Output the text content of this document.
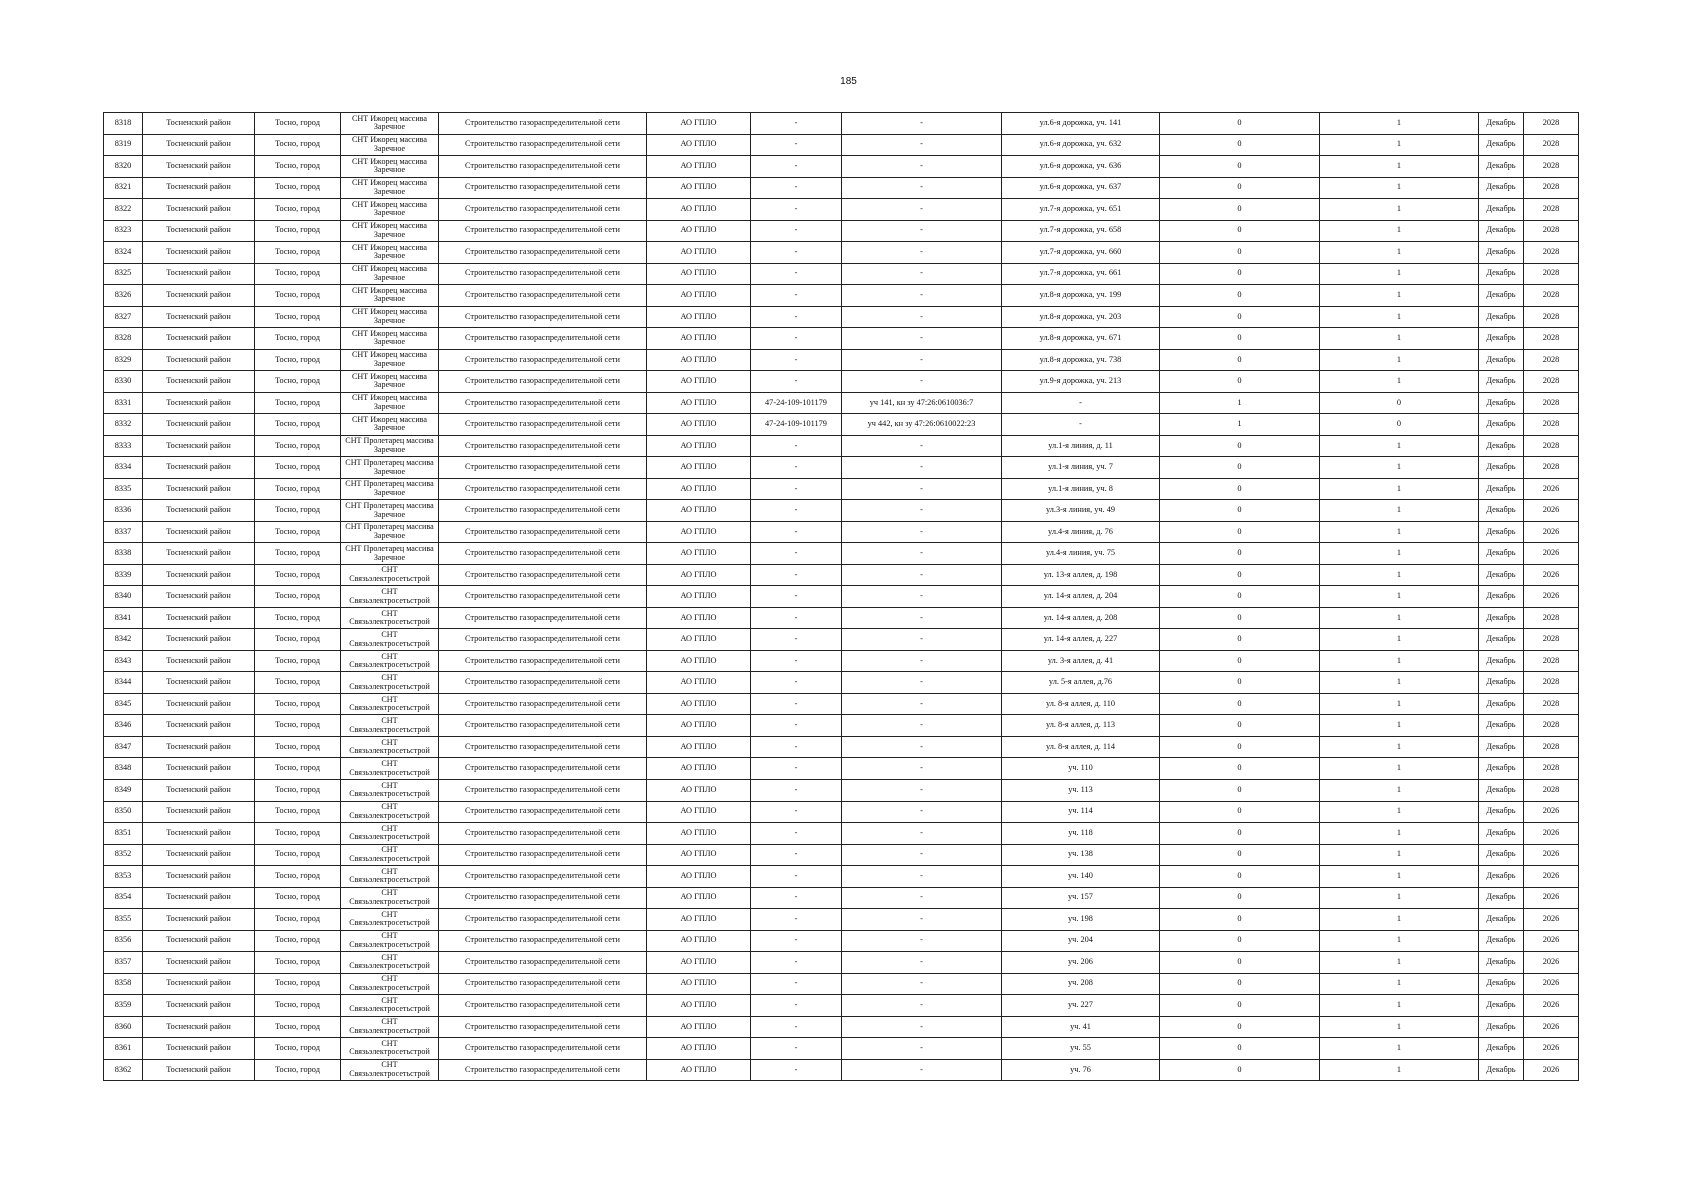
185
8318	Тосненский район	Тосно, город	СНТ Ижорец массива Заречное	Строительство газораспределительной сети	АО ГПЛО	-	-	ул.6-я дорожка, уч. 141	0	1	Декабрь	2028
8319	Тосненский район	Тосно, город	СНТ Ижорец массива Заречное	Строительство газораспределительной сети	АО ГПЛО	-	-	ул.6-я дорожка, уч. 632	0	1	Декабрь	2028
8320	Тосненский район	Тосно, город	СНТ Ижорец массива Заречное	Строительство газораспределительной сети	АО ГПЛО	-	-	ул.6-я дорожка, уч. 636	0	1	Декабрь	2028
8321	Тосненский район	Тосно, город	СНТ Ижорец массива Заречное	Строительство газораспределительной сети	АО ГПЛО	-	-	ул.6-я дорожка, уч. 637	0	1	Декабрь	2028
8322	Тосненский район	Тосно, город	СНТ Ижорец массива Заречное	Строительство газораспределительной сети	АО ГПЛО	-	-	ул.7-я дорожка, уч. 651	0	1	Декабрь	2028
8323	Тосненский район	Тосно, город	СНТ Ижорец массива Заречное	Строительство газораспределительной сети	АО ГПЛО	-	-	ул.7-я дорожка, уч. 658	0	1	Декабрь	2028
8324	Тосненский район	Тосно, город	СНТ Ижорец массива Заречное	Строительство газораспределительной сети	АО ГПЛО	-	-	ул.7-я дорожка, уч. 660	0	1	Декабрь	2028
8325	Тосненский район	Тосно, город	СНТ Ижорец массива Заречное	Строительство газораспределительной сети	АО ГПЛО	-	-	ул.7-я дорожка, уч. 661	0	1	Декабрь	2028
8326	Тосненский район	Тосно, город	СНТ Ижорец массива Заречное	Строительство газораспределительной сети	АО ГПЛО	-	-	ул.8-я дорожка, уч. 199	0	1	Декабрь	2028
8327	Тосненский район	Тосно, город	СНТ Ижорец массива Заречное	Строительство газораспределительной сети	АО ГПЛО	-	-	ул.8-я дорожка, уч. 203	0	1	Декабрь	2028
8328	Тосненский район	Тосно, город	СНТ Ижорец массива Заречное	Строительство газораспределительной сети	АО ГПЛО	-	-	ул.8-я дорожка, уч. 671	0	1	Декабрь	2028
8329	Тосненский район	Тосно, город	СНТ Ижорец массива Заречное	Строительство газораспределительной сети	АО ГПЛО	-	-	ул.8-я дорожка, уч. 738	0	1	Декабрь	2028
8330	Тосненский район	Тосно, город	СНТ Ижорец массива Заречное	Строительство газораспределительной сети	АО ГПЛО	-	-	ул.9-я дорожка, уч. 213	0	1	Декабрь	2028
8331	Тосненский район	Тосно, город	СНТ Ижорец массива Заречное	Строительство газораспределительной сети	АО ГПЛО	47-24-109-101179	уч 141, кн зу 47:26:0610036:7	-	1	0	Декабрь	2028
8332	Тосненский район	Тосно, город	СНТ Ижорец массива Заречное	Строительство газораспределительной сети	АО ГПЛО	47-24-109-101179	уч 442, кн зу 47:26:0610022:23	-	1	0	Декабрь	2028
8333	Тосненский район	Тосно, город	СНТ Пролетарец массива Заречное	Строительство газораспределительной сети	АО ГПЛО	-	-	ул.1-я линия, д. 11	0	1	Декабрь	2028
8334	Тосненский район	Тосно, город	СНТ Пролетарец массива Заречное	Строительство газораспределительной сети	АО ГПЛО	-	-	ул.1-я линия, уч. 7	0	1	Декабрь	2028
8335	Тосненский район	Тосно, город	СНТ Пролетарец массива Заречное	Строительство газораспределительной сети	АО ГПЛО	-	-	ул.1-я линия, уч. 8	0	1	Декабрь	2026
8336	Тосненский район	Тосно, город	СНТ Пролетарец массива Заречное	Строительство газораспределительной сети	АО ГПЛО	-	-	ул.3-я линия, уч. 49	0	1	Декабрь	2026
8337	Тосненский район	Тосно, город	СНТ Пролетарец массива Заречное	Строительство газораспределительной сети	АО ГПЛО	-	-	ул.4-я линия, д. 76	0	1	Декабрь	2026
8338	Тосненский район	Тосно, город	СНТ Пролетарец массива Заречное	Строительство газораспределительной сети	АО ГПЛО	-	-	ул.4-я линия, уч. 75	0	1	Декабрь	2026
8339	Тосненский район	Тосно, город	СНТ Связьэлектросетьстрой	Строительство газораспределительной сети	АО ГПЛО	-	-	ул. 13-я аллея, д. 198	0	1	Декабрь	2026
8340	Тосненский район	Тосно, город	СНТ Связьэлектросетьстрой	Строительство газораспределительной сети	АО ГПЛО	-	-	ул. 14-я аллея, д. 204	0	1	Декабрь	2026
8341	Тосненский район	Тосно, город	СНТ Связьэлектросетьстрой	Строительство газораспределительной сети	АО ГПЛО	-	-	ул. 14-я аллея, д. 208	0	1	Декабрь	2028
8342	Тосненский район	Тосно, город	СНТ Связьэлектросетьстрой	Строительство газораспределительной сети	АО ГПЛО	-	-	ул. 14-я аллея, д. 227	0	1	Декабрь	2028
8343	Тосненский район	Тосно, город	СНТ Связьэлектросетьстрой	Строительство газораспределительной сети	АО ГПЛО	-	-	ул. 3-я аллея, д. 41	0	1	Декабрь	2028
8344	Тосненский район	Тосно, город	СНТ Связьэлектросетьстрой	Строительство газораспределительной сети	АО ГПЛО	-	-	ул. 5-я аллея, д.76	0	1	Декабрь	2028
8345	Тосненский район	Тосно, город	СНТ Связьэлектросетьстрой	Строительство газораспределительной сети	АО ГПЛО	-	-	ул. 8-я аллея, д. 110	0	1	Декабрь	2028
8346	Тосненский район	Тосно, город	СНТ Связьэлектросетьстрой	Строительство газораспределительной сети	АО ГПЛО	-	-	ул. 8-я аллея, д. 113	0	1	Декабрь	2028
8347	Тосненский район	Тосно, город	СНТ Связьэлектросетьстрой	Строительство газораспределительной сети	АО ГПЛО	-	-	ул. 8-я аллея, д. 114	0	1	Декабрь	2028
8348	Тосненский район	Тосно, город	СНТ Связьэлектросетьстрой	Строительство газораспределительной сети	АО ГПЛО	-	-	уч. 110	0	1	Декабрь	2028
8349	Тосненский район	Тосно, город	СНТ Связьэлектросетьстрой	Строительство газораспределительной сети	АО ГПЛО	-	-	уч. 113	0	1	Декабрь	2028
8350	Тосненский район	Тосно, город	СНТ Связьэлектросетьстрой	Строительство газораспределительной сети	АО ГПЛО	-	-	уч. 114	0	1	Декабрь	2026
8351	Тосненский район	Тосно, город	СНТ Связьэлектросетьстрой	Строительство газораспределительной сети	АО ГПЛО	-	-	уч. 118	0	1	Декабрь	2026
8352	Тосненский район	Тосно, город	СНТ Связьэлектросетьстрой	Строительство газораспределительной сети	АО ГПЛО	-	-	уч. 138	0	1	Декабрь	2026
8353	Тосненский район	Тосно, город	СНТ Связьэлектросетьстрой	Строительство газораспределительной сети	АО ГПЛО	-	-	уч. 140	0	1	Декабрь	2026
8354	Тосненский район	Тосно, город	СНТ Связьэлектросетьстрой	Строительство газораспределительной сети	АО ГПЛО	-	-	уч. 157	0	1	Декабрь	2026
8355	Тосненский район	Тосно, город	СНТ Связьэлектросетьстрой	Строительство газораспределительной сети	АО ГПЛО	-	-	уч. 198	0	1	Декабрь	2026
8356	Тосненский район	Тосно, город	СНТ Связьэлектросетьстрой	Строительство газораспределительной сети	АО ГПЛО	-	-	уч. 204	0	1	Декабрь	2026
8357	Тосненский район	Тосно, город	СНТ Связьэлектросетьстрой	Строительство газораспределительной сети	АО ГПЛО	-	-	уч. 206	0	1	Декабрь	2026
8358	Тосненский район	Тосно, город	СНТ Связьэлектросетьстрой	Строительство газораспределительной сети	АО ГПЛО	-	-	уч. 208	0	1	Декабрь	2026
8359	Тосненский район	Тосно, город	СНТ Связьэлектросетьстрой	Строительство газораспределительной сети	АО ГПЛО	-	-	уч. 227	0	1	Декабрь	2026
8360	Тосненский район	Тосно, город	СНТ Связьэлектросетьстрой	Строительство газораспределительной сети	АО ГПЛО	-	-	уч. 41	0	1	Декабрь	2026
8361	Тосненский район	Тосно, город	СНТ Связьэлектросетьстрой	Строительство газораспределительной сети	АО ГПЛО	-	-	уч. 55	0	1	Декабрь	2026
8362	Тосненский район	Тосно, город	СНТ Связьэлектросетьстрой	Строительство газораспределительной сети	АО ГПЛО	-	-	уч. 76	0	1	Декабрь	2026
